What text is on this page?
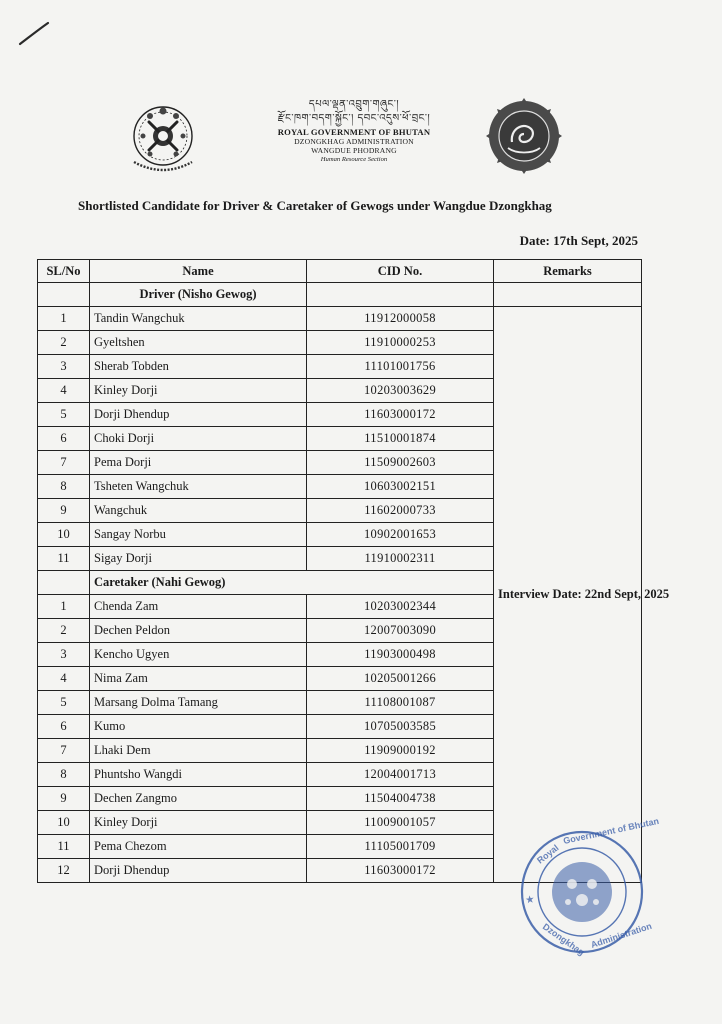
དཔལ་ལྡན་འབྲུག་གཞུང་།
རྫོང་ཁག་བདག་སྐྱོང་། དབང་འདུས་ཕོ་བྲང་།
ROYAL GOVERNMENT OF BHUTAN
DZONGKHAG ADMINISTRATION
WANGDUE PHODRANG
Human Resource Section
Shortlisted Candidate for Driver & Caretaker of Gewogs under Wangdue Dzongkhag
Date: 17th Sept, 2025
SL/No	Name	CID No.	Remarks
	Driver (Nisho Gewog)		
1	Tandin Wangchuk	11912000058	Interview Date: 22nd Sept, 2025
2	Gyeltshen	11910000253	
3	Sherab Tobden	11101001756	
4	Kinley Dorji	10203003629	
5	Dorji Dhendup	11603000172	
6	Choki Dorji	11510001874	
7	Pema Dorji	11509002603	
8	Tsheten Wangchuk	10603002151	
9	Wangchuk	11602000733	
10	Sangay Norbu	10902001653	
11	Sigay Dorji	11910002311	
	Caretaker (Nahi Gewog)		
1	Chenda Zam	10203002344	
2	Dechen Peldon	12007003090	
3	Kencho Ugyen	11903000498	
4	Nima Zam	10205001266	
5	Marsang Dolma Tamang	11108001087	
6	Kumo	10705003585	
7	Lhaki Dem	11909000192	
8	Phuntsho Wangdi	12004001713	
9	Dechen Zangmo	11504004738	
10	Kinley Dorji	11009001057	
11	Pema Chezom	11105001709	
12	Dorji Dhendup	11603000172	
Royal
Government of Bhutan
★
Dzongkhag Administration
